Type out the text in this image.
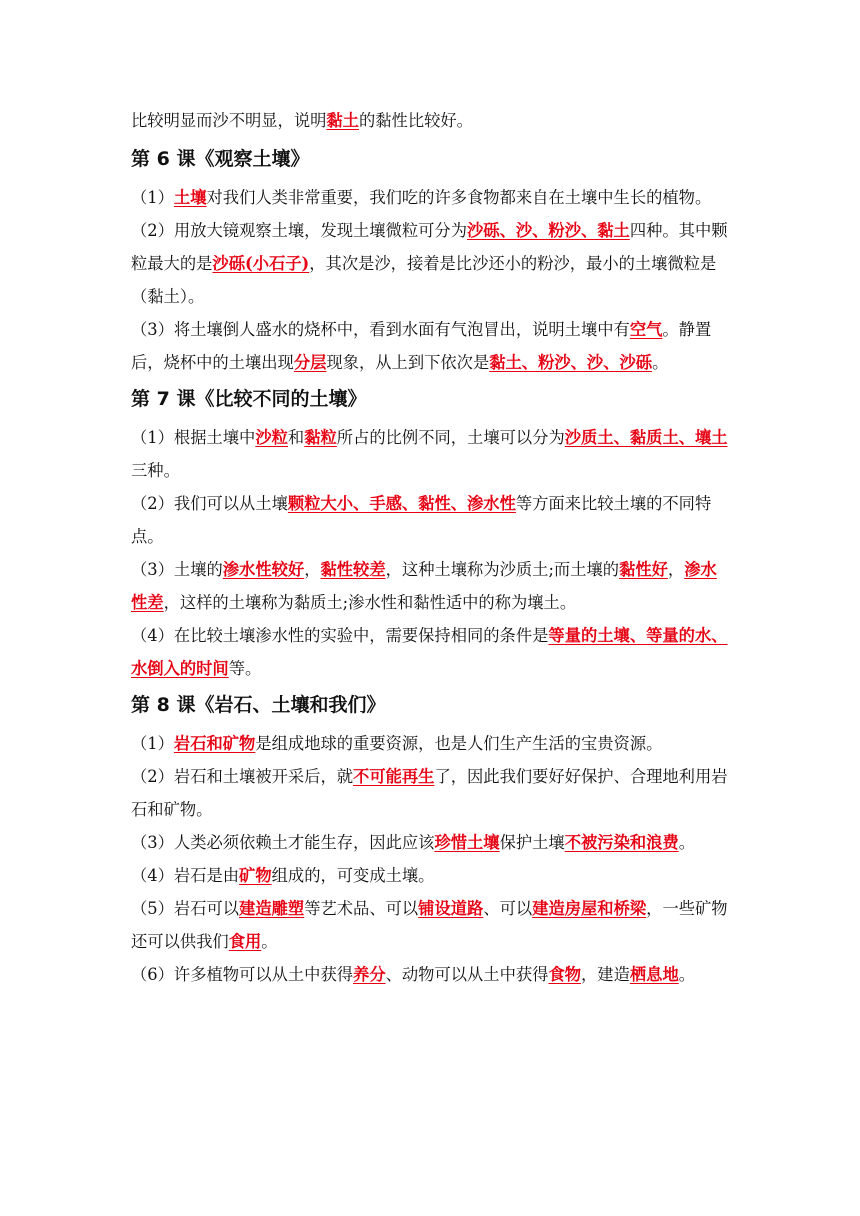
比较明显而沙不明显，说明黏土的黏性比较好。

第 6 课《观察土壤》

（1）土壤对我们人类非常重要，我们吃的许多食物都来自在土壤中生长的植物。

（2）用放大镜观察土壤，发现土壤微粒可分为沙砾、沙、粉沙、黏土四种。其中颗粒最大的是沙砾(小石子)，其次是沙，接着是比沙还小的粉沙，最小的土壤微粒是（黏土）。

（3）将土壤倒人盛水的烧杯中，看到水面有气泡冒出，说明土壤中有空气。静置后，烧杯中的土壤出现分层现象，从上到下依次是黏土、粉沙、沙、沙砾。

第 7 课《比较不同的土壤》

（1）根据土壤中沙粒和黏粒所占的比例不同，土壤可以分为沙质土、黏质土、壤土三种。

（2）我们可以从土壤颗粒大小、手感、黏性、渗水性等方面来比较土壤的不同特点。

（3）土壤的渗水性较好，黏性较差，这种土壤称为沙质土;而土壤的黏性好，渗水性差，这样的土壤称为黏质土;渗水性和黏性适中的称为壤土。

（4）在比较土壤渗水性的实验中，需要保持相同的条件是等量的土壤、等量的水、水倒入的时间等。

第 8 课《岩石、土壤和我们》

（1）岩石和矿物是组成地球的重要资源，也是人们生产生活的宝贵资源。

（2）岩石和土壤被开采后，就不可能再生了，因此我们要好好保护、合理地利用岩石和矿物。

（3）人类必须依赖土才能生存，因此应该珍惜土壤保护土壤不被污染和浪费。

（4）岩石是由矿物组成的，可变成土壤。

（5）岩石可以建造雕塑等艺术品、可以铺设道路、可以建造房屋和桥梁，一些矿物还可以供我们食用。

（6）许多植物可以从土中获得养分、动物可以从土中获得食物，建造栖息地。
